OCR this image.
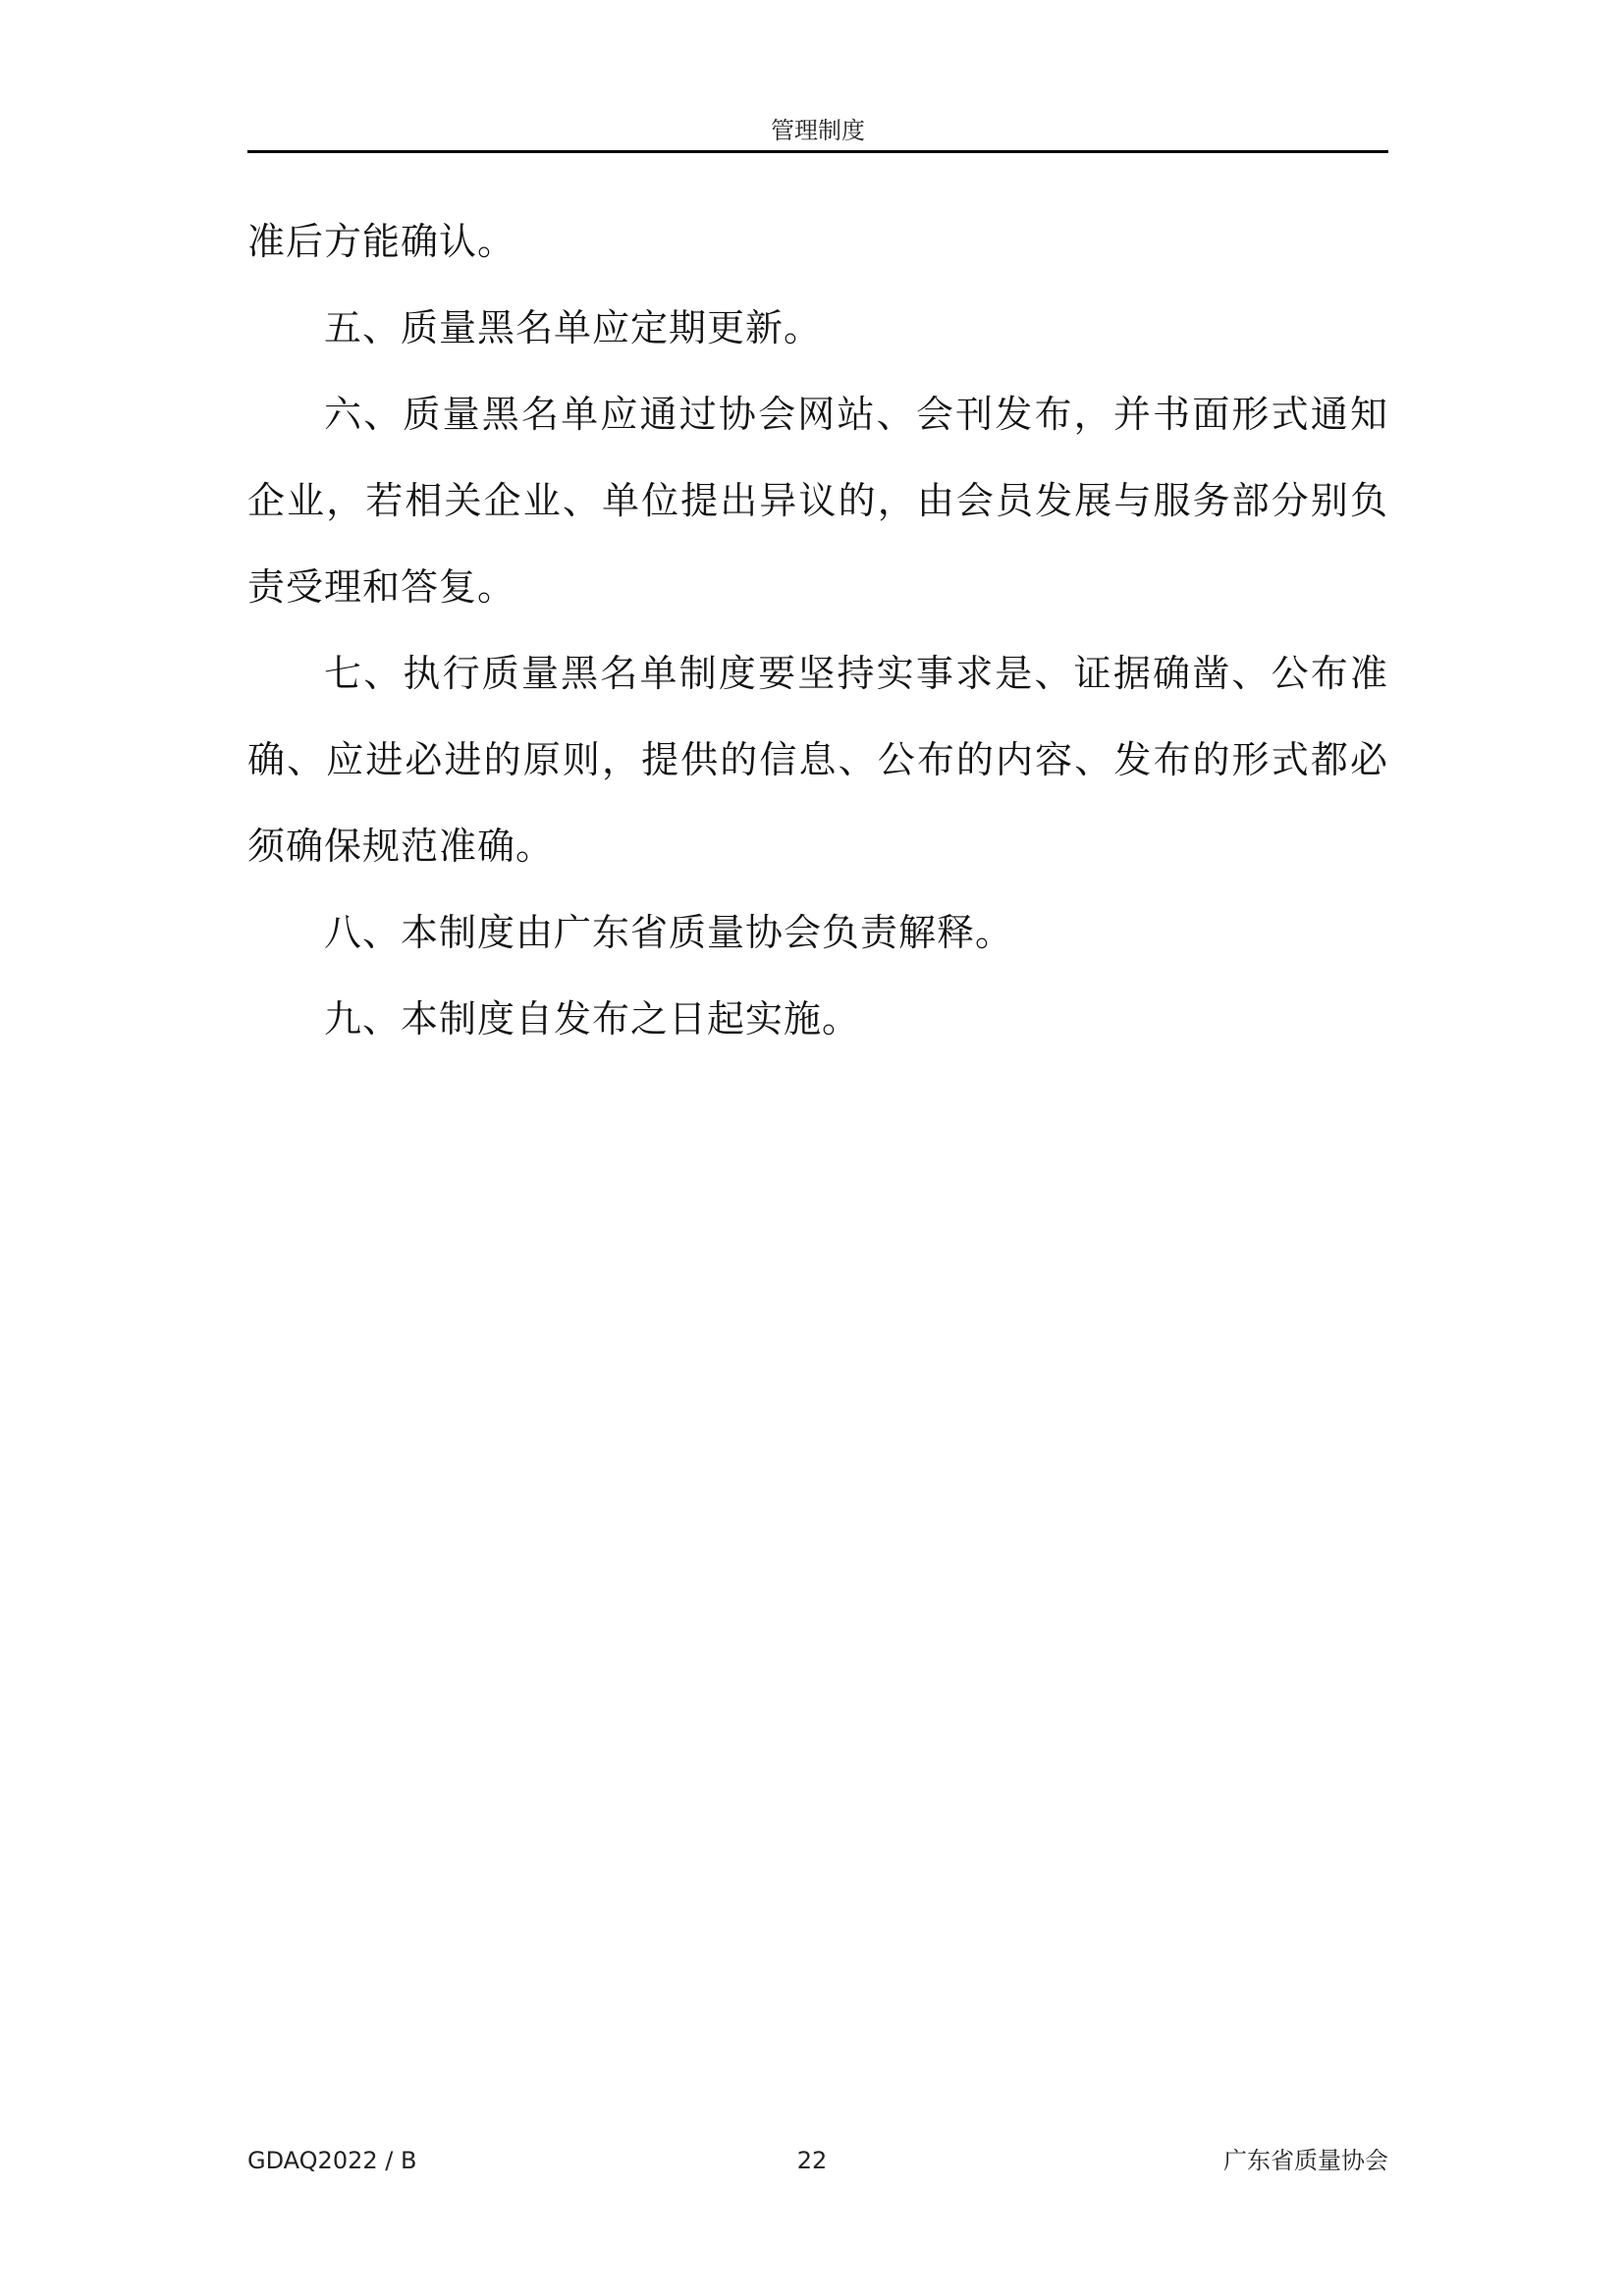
管理制度

准后方能确认。

五、质量黑名单应定期更新。

六、质量黑名单应通过协会网站、会刊发布，并书面形式通知企业，若相关企业、单位提出异议的，由会员发展与服务部分别负责受理和答复。

七、执行质量黑名单制度要坚持实事求是、证据确凿、公布准确、应进必进的原则，提供的信息、公布的内容、发布的形式都必须确保规范准确。

八、本制度由广东省质量协会负责解释。

九、本制度自发布之日起实施。

GDAQ2022 / B	22	广东省质量协会
